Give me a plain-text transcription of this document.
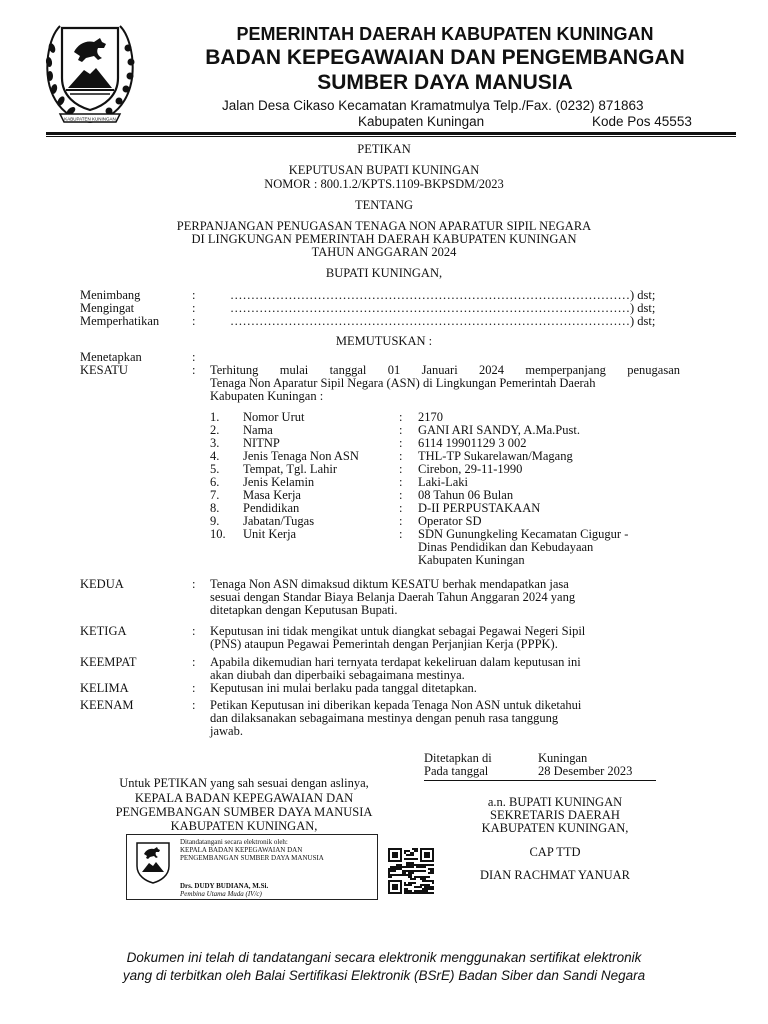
KABUPATEN KUNINGAN
PEMERINTAH DAERAH KABUPATEN KUNINGAN
BADAN KEPEGAWAIAN DAN PENGEMBANGAN
SUMBER DAYA MANUSIA
Jalan Desa Cikaso Kecamatan Kramatmulya Telp./Fax. (0232) 871863
Kabupaten Kuningan	Kode Pos 45553
PETIKAN
KEPUTUSAN BUPATI KUNINGAN
NOMOR : 800.1.2/KPTS.1109-BKPSDM/2023
TENTANG
PERPANJANGAN PENUGASAN TENAGA NON APARATUR SIPIL NEGARA
DI LINGKUNGAN PEMERINTAH DAERAH KABUPATEN KUNINGAN
TAHUN ANGGARAN 2024
BUPATI KUNINGAN,
Menimbang	:	……………………………………………………………………………………) dst;
Mengingat	:	……………………………………………………………………………………) dst;
Memperhatikan	:	……………………………………………………………………………………) dst;
MEMUTUSKAN :
Menetapkan	:
KESATU	: Terhitung mulai tanggal 01 Januari 2024 memperpanjang penugasan
Tenaga Non Aparatur Sipil Negara (ASN) di Lingkungan Pemerintah Daerah
Kabupaten Kuningan :
1. Nomor Urut	: 2170
2. Nama	: GANI ARI SANDY, A.Ma.Pust.
3. NITNP	: 6114 19901129 3 002
4. Jenis Tenaga Non ASN	: THL-TP Sukarelawan/Magang
5. Tempat, Tgl. Lahir	: Cirebon, 29-11-1990
6. Jenis Kelamin	: Laki-Laki
7. Masa Kerja	: 08 Tahun 06 Bulan
8. Pendidikan	: D-II PERPUSTAKAAN
9. Jabatan/Tugas	: Operator SD
10. Unit Kerja	: SDN Gunungkeling Kecamatan Cigugur -
Dinas Pendidikan dan Kebudayaan
Kabupaten Kuningan
KEDUA	: Tenaga Non ASN dimaksud diktum KESATU berhak mendapatkan jasa
sesuai dengan Standar Biaya Belanja Daerah Tahun Anggaran 2024 yang
ditetapkan dengan Keputusan Bupati.
KETIGA	: Keputusan ini tidak mengikat untuk diangkat sebagai Pegawai Negeri Sipil
(PNS) ataupun Pegawai Pemerintah dengan Perjanjian Kerja (PPPK).
KEEMPAT	: Apabila dikemudian hari ternyata terdapat kekeliruan dalam keputusan ini
akan diubah dan diperbaiki sebagaimana mestinya.
KELIMA	: Keputusan ini mulai berlaku pada tanggal ditetapkan.
KEENAM	: Petikan Keputusan ini diberikan kepada Tenaga Non ASN untuk diketahui
dan dilaksanakan sebagaimana mestinya dengan penuh rasa tanggung
jawab.
Ditetapkan di	Kuningan
Pada tanggal	28 Desember 2023
Untuk PETIKAN yang sah sesuai dengan aslinya,
KEPALA BADAN KEPEGAWAIAN DAN
PENGEMBANGAN SUMBER DAYA MANUSIA
KABUPATEN KUNINGAN,
Ditandatangani secara elektronik oleh:
KEPALA BADAN KEPEGAWAIAN DAN
PENGEMBANGAN SUMBER DAYA MANUSIA
Drs. DUDY BUDIANA, M.Si.
Pembina Utama Muda (IV/c)
a.n. BUPATI KUNINGAN
SEKRETARIS DAERAH
KABUPATEN KUNINGAN,
CAP TTD
DIAN RACHMAT YANUAR
Dokumen ini telah di tandatangani secara elektronik menggunakan sertifikat elektronik
yang di terbitkan oleh Balai Sertifikasi Elektronik (BSrE) Badan Siber dan Sandi Negara
